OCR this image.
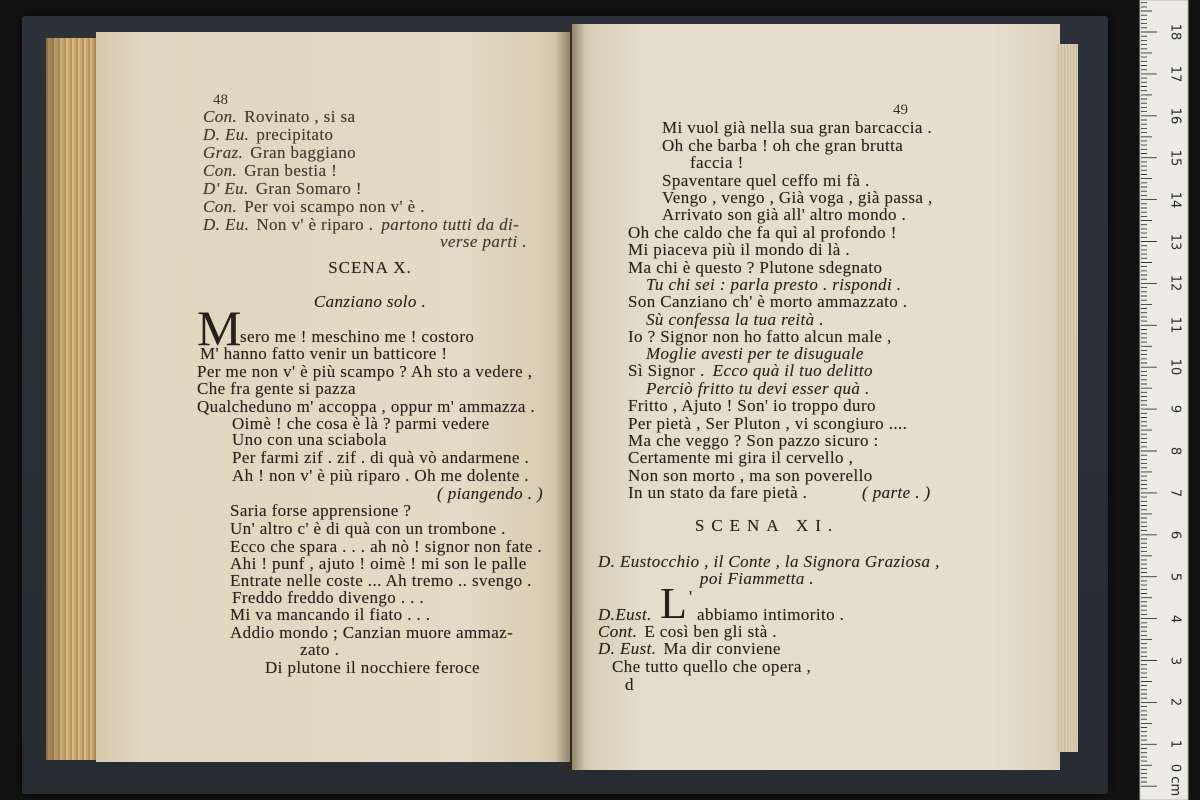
48
Con. Rovinato , si sa
D. Eu. precipitato
Graz. Gran baggiano
Con. Gran bestia !
D' Eu. Gran Somaro !
Con. Per voi scampo non v' è .
D. Eu. Non v' è riparo . partono tutti da di-
verse parti .
SCENA X.
Canziano solo .
M
sero me ! meschino me ! costoro
M' hanno fatto venir un batticore !
Per me non v' è più scampo ? Ah sto a vedere ,
Che fra gente si pazza
Qualcheduno m' accoppa , oppur m' ammazza .
Oimè ! che cosa è là ? parmi vedere
Uno con una sciabola
Per farmi zif . zif . di quà vò andarmene .
Ah ! non v' è più riparo . Oh me dolente .
( piangendo . )
Saria forse apprensione ?
Un' altro c' è di quà con un trombone .
Ecco che spara . . . ah nò ! signor non fate .
Ahi ! punf , ajuto ! oimè ! mi son le palle
Entrate nelle coste ... Ah tremo .. svengo .
Freddo freddo divengo . . .
Mi va mancando il fiato . . .
Addio mondo ; Canzian muore ammaz-
zato .
Di plutone il nocchiere feroce
49
Mi vuol già nella sua gran barcaccia .
Oh che barba ! oh che gran brutta
faccia !
Spaventare quel ceffo mi fà .
Vengo , vengo , Già voga , già passa ,
Arrivato son già all' altro mondo .
Oh che caldo che fa quì al profondo !
Mi piaceva più il mondo di là .
Ma chi è questo ? Plutone sdegnato
Tu chi sei : parla presto . rispondi .
Son Canziano ch' è morto ammazzato .
Sù confessa la tua reità .
Io ? Signor non ho fatto alcun male ,
Moglie avesti per te disuguale
Sì Signor . Ecco quà il tuo delitto
Perciò fritto tu devi esser quà .
Fritto , Ajuto ! Son' io troppo duro
Per pietà , Ser Pluton , vi scongiuro ....
Ma che veggo ? Son pazzo sicuro :
Certamente mi gira il cervello ,
Non son morto , ma son poverello
In un stato da fare pietà .	( parte . )
SCENA XI.
D. Eustocchio , il Conte , la Signora Graziosa ,
poi Fiammetta .
D.Eust. L '
abbiamo intimorito .
Cont. E così ben gli stà .
D. Eust. Ma dir conviene
Che tutto quello che opera ,
d
18
17
16
15
14
13
12
11
10
9
8
7
6
5
4
3
2
1
0 cm
